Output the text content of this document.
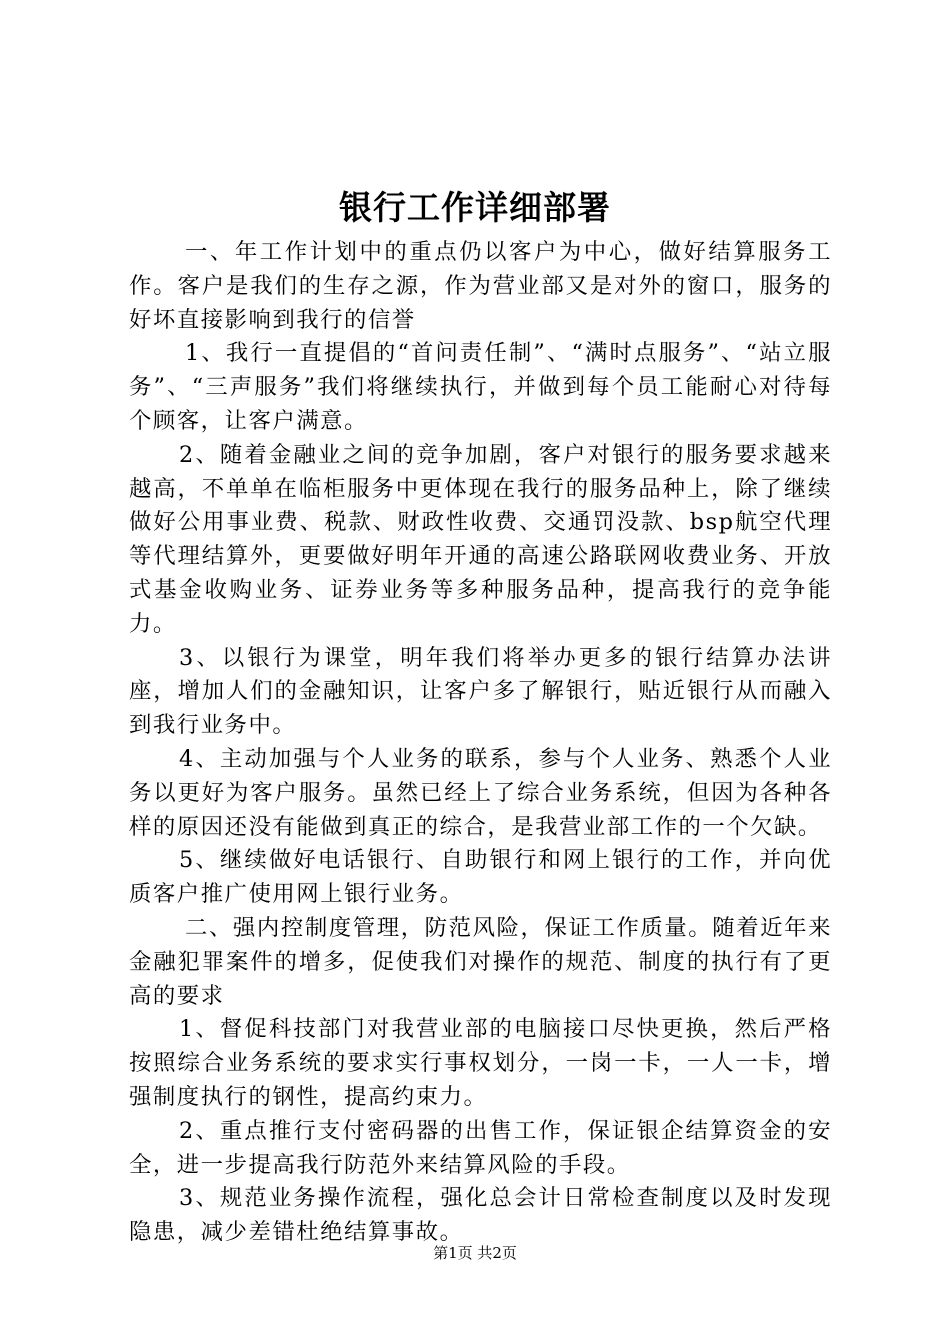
银行工作详细部署

一、年工作计划中的重点仍以客户为中心，做好结算服务工作。客户是我们的生存之源，作为营业部又是对外的窗口，服务的好坏直接影响到我行的信誉

1、我行一直提倡的“首问责任制”、“满时点服务”、“站立服务”、“三声服务”我们将继续执行，并做到每个员工能耐心对待每个顾客，让客户满意。

2、随着金融业之间的竞争加剧，客户对银行的服务要求越来越高，不单单在临柜服务中更体现在我行的服务品种上，除了继续做好公用事业费、税款、财政性收费、交通罚没款、bsp航空代理等代理结算外，更要做好明年开通的高速公路联网收费业务、开放式基金收购业务、证券业务等多种服务品种，提高我行的竞争能力。

3、以银行为课堂，明年我们将举办更多的银行结算办法讲座，增加人们的金融知识，让客户多了解银行，贴近银行从而融入到我行业务中。

4、主动加强与个人业务的联系，参与个人业务、熟悉个人业务以更好为客户服务。虽然已经上了综合业务系统，但因为各种各样的原因还没有能做到真正的综合，是我营业部工作的一个欠缺。

5、继续做好电话银行、自助银行和网上银行的工作，并向优质客户推广使用网上银行业务。

二、强内控制度管理，防范风险，保证工作质量。随着近年来金融犯罪案件的增多，促使我们对操作的规范、制度的执行有了更高的要求

1、督促科技部门对我营业部的电脑接口尽快更换，然后严格按照综合业务系统的要求实行事权划分，一岗一卡，一人一卡，增强制度执行的钢性，提高约束力。

2、重点推行支付密码器的出售工作，保证银企结算资金的安全，进一步提高我行防范外来结算风险的手段。

3、规范业务操作流程，强化总会计日常检查制度以及时发现隐患，减少差错杜绝结算事故。

第1页 共2页
